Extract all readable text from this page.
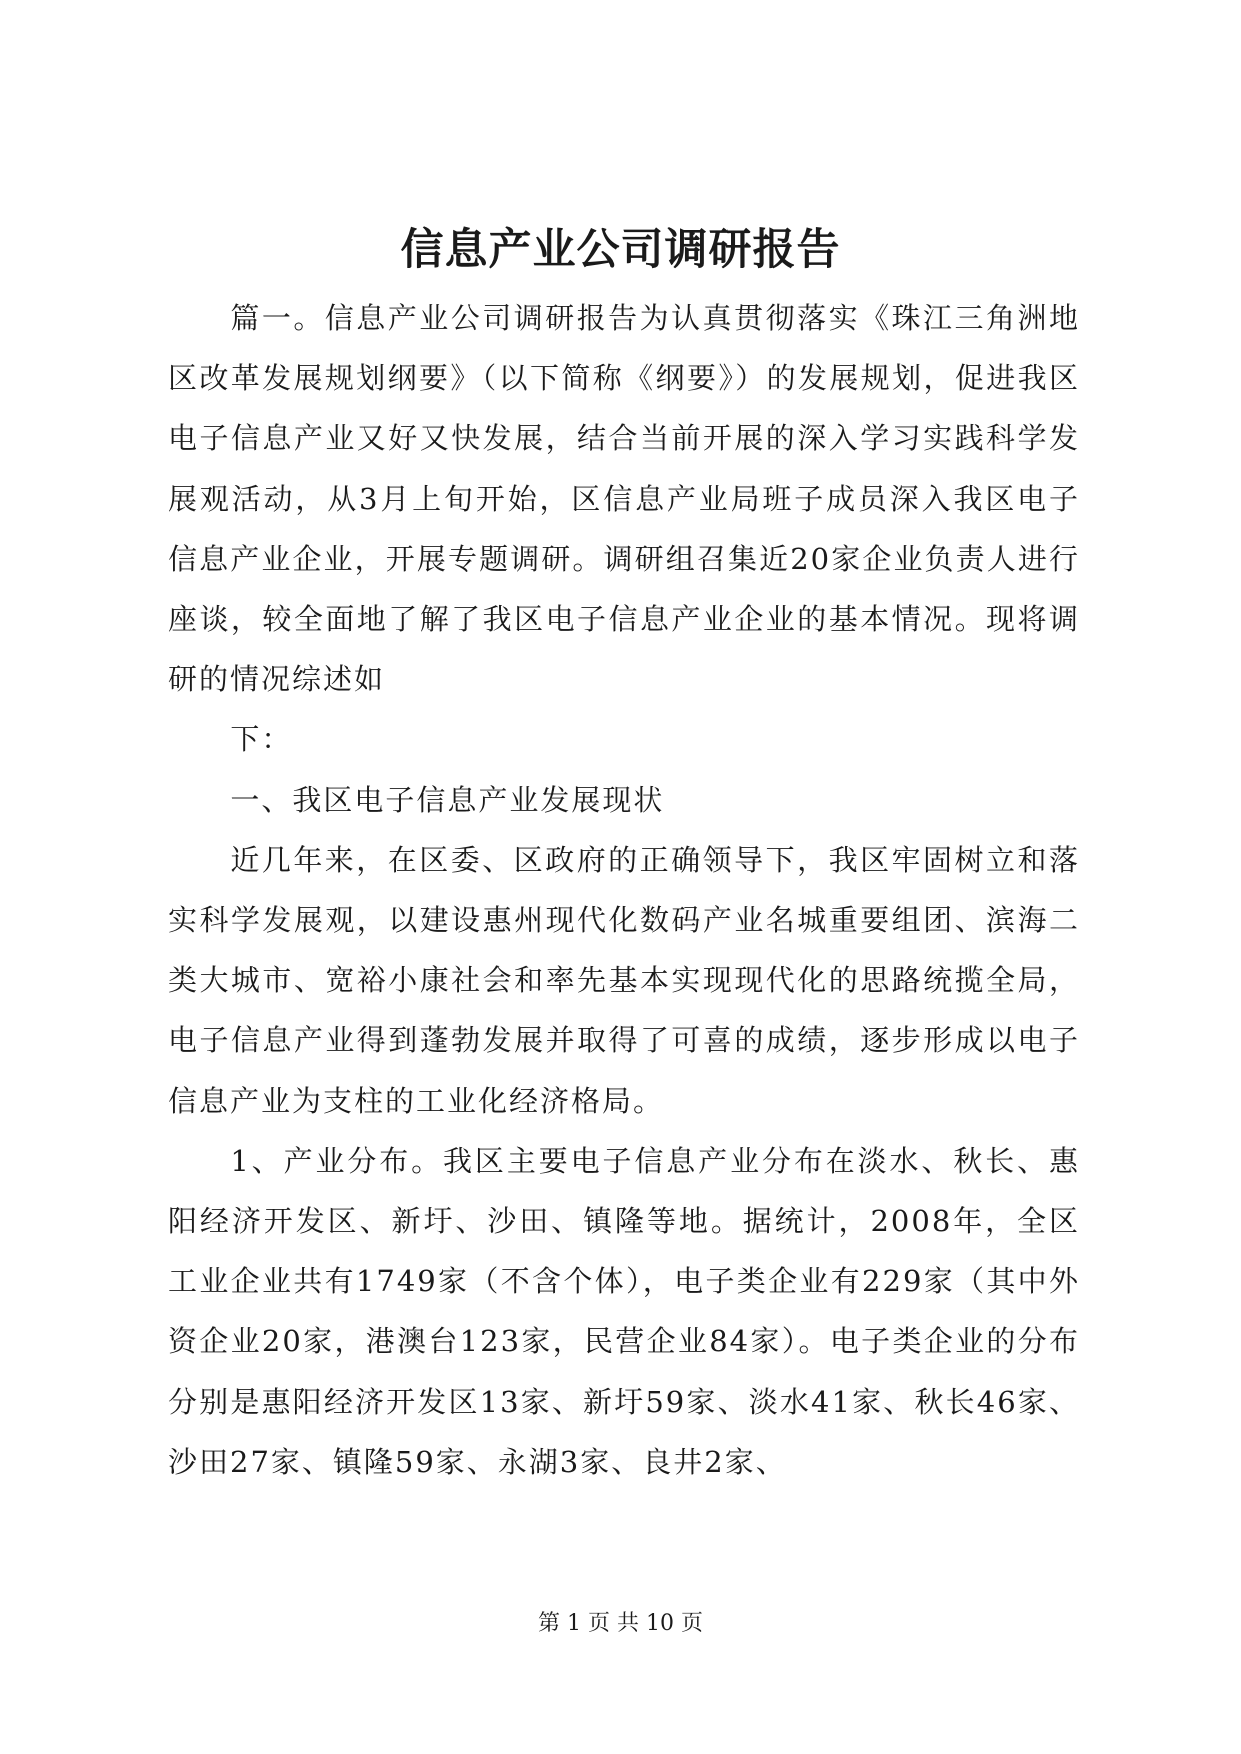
信息产业公司调研报告

篇一。信息产业公司调研报告为认真贯彻落实《珠江三角洲地区改革发展规划纲要》（以下简称《纲要》）的发展规划，促进我区电子信息产业又好又快发展，结合当前开展的深入学习实践科学发展观活动，从3月上旬开始，区信息产业局班子成员深入我区电子信息产业企业，开展专题调研。调研组召集近20家企业负责人进行座谈，较全面地了解了我区电子信息产业企业的基本情况。现将调研的情况综述如

下：

一、我区电子信息产业发展现状

近几年来，在区委、区政府的正确领导下，我区牢固树立和落实科学发展观，以建设惠州现代化数码产业名城重要组团、滨海二类大城市、宽裕小康社会和率先基本实现现代化的思路统揽全局，电子信息产业得到蓬勃发展并取得了可喜的成绩，逐步形成以电子信息产业为支柱的工业化经济格局。

1、产业分布。我区主要电子信息产业分布在淡水、秋长、惠阳经济开发区、新圩、沙田、镇隆等地。据统计，2008年，全区工业企业共有1749家（不含个体），电子类企业有229家（其中外资企业20家，港澳台123家，民营企业84家）。电子类企业的分布分别是惠阳经济开发区13家、新圩59家、淡水41家、秋长46家、沙田27家、镇隆59家、永湖3家、良井2家、

第 1 页 共 10 页
